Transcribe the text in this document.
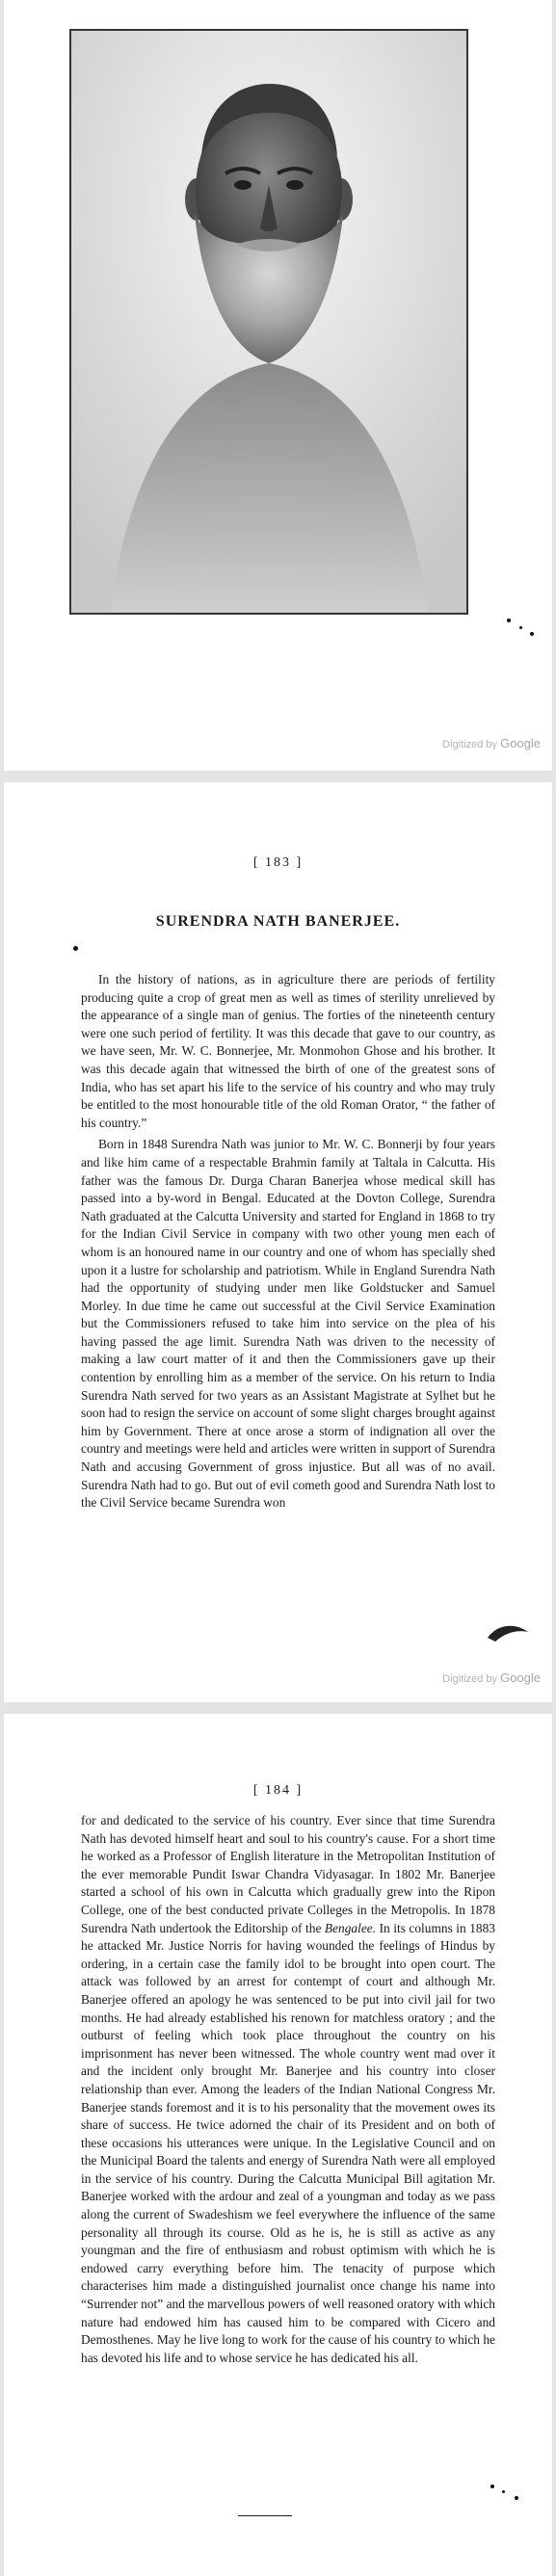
Digitized by Google
[ 183 ]
SURENDRA NATH BANERJEE.

In the history of nations, as in agriculture there are periods of fertility producing quite a crop of great men as well as times of sterility unrelieved by the appearance of a single man of genius. The forties of the nineteenth century were one such period of fertility. It was this decade that gave to our country, as we have seen, Mr. W. C. Bonnerjee, Mr. Monmohon Ghose and his brother. It was this decade again that witnessed the birth of one of the greatest sons of India, who has set apart his life to the service of his country and who may truly be entitled to the most honourable title of the old Roman Orator, “ the father of his country.”

Born in 1848 Surendra Nath was junior to Mr. W. C. Bonnerji by four years and like him came of a respectable Brahmin family at Taltala in Calcutta. His father was the famous Dr. Durga Charan Banerjea whose medical skill has passed into a by-word in Bengal. Educated at the Dovton College, Surendra Nath graduated at the Calcutta University and started for England in 1868 to try for the Indian Civil Service in company with two other young men each of whom is an honoured name in our country and one of whom has specially shed upon it a lustre for scholarship and patriotism. While in England Surendra Nath had the opportunity of studying under men like Goldstucker and Samuel Morley. In due time he came out successful at the Civil Service Examination but the Commissioners refused to take him into service on the plea of his having passed the age limit. Surendra Nath was driven to the necessity of making a law court matter of it and then the Commissioners gave up their contention by enrolling him as a member of the service. On his return to India Surendra Nath served for two years as an Assistant Magistrate at Sylhet but he soon had to resign the service on account of some slight charges brought against him by Government. There at once arose a storm of indignation all over the country and meetings were held and articles were written in support of Surendra Nath and accusing Government of gross injustice. But all was of no avail. Surendra Nath had to go. But out of evil cometh good and Surendra Nath lost to the Civil Service became Surendra won

Digitized by Google
[ 184 ]

for and dedicated to the service of his country. Ever since that time Surendra Nath has devoted himself heart and soul to his country's cause. For a short time he worked as a Professor of English literature in the Metropolitan Institution of the ever memorable Pundit Iswar Chandra Vidyasagar. In 1802 Mr. Banerjee started a school of his own in Calcutta which gradually grew into the Ripon College, one of the best conducted private Colleges in the Metropolis. In 1878 Surendra Nath undertook the Editorship of the Bengalee. In its columns in 1883 he attacked Mr. Justice Norris for having wounded the feelings of Hindus by ordering, in a certain case the family idol to be brought into open court. The attack was followed by an arrest for contempt of court and although Mr. Banerjee offered an apology he was sentenced to be put into civil jail for two months. He had already established his renown for matchless oratory ; and the outburst of feeling which took place throughout the country on his imprisonment has never been witnessed. The whole country went mad over it and the incident only brought Mr. Banerjee and his country into closer relationship than ever. Among the leaders of the Indian National Congress Mr. Banerjee stands foremost and it is to his personality that the movement owes its share of success. He twice adorned the chair of its President and on both of these occasions his utterances were unique. In the Legislative Council and on the Municipal Board the talents and energy of Surendra Nath were all employed in the service of his country. During the Calcutta Municipal Bill agitation Mr. Banerjee worked with the ardour and zeal of a youngman and today as we pass along the current of Swadeshism we feel everywhere the influence of the same personality all through its course. Old as he is, he is still as active as any youngman and the fire of enthusiasm and robust optimism with which he is endowed carry everything before him. The tenacity of purpose which characterises him made a distinguished journalist once change his name into “Surrender not” and the marvellous powers of well reasoned oratory with which nature had endowed him has caused him to be compared with Cicero and Demosthenes. May he live long to work for the cause of his country to which he has devoted his life and to whose service he has dedicated his all.
